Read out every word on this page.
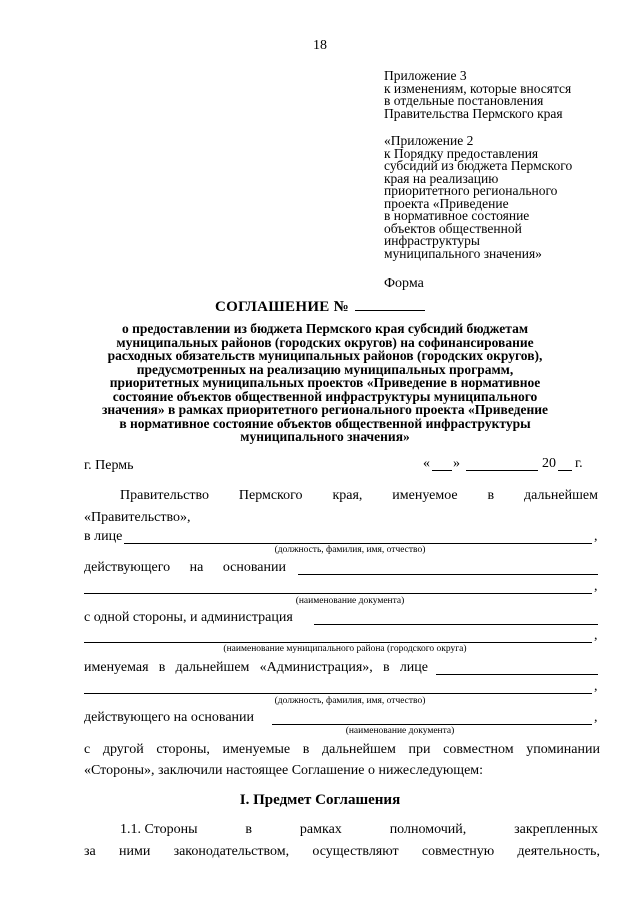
18
Приложение 3
к изменениям, которые вносятся
в отдельные постановления
Правительства Пермского края
«Приложение 2
к Порядку предоставления
субсидий из бюджета Пермского
края на реализацию
приоритетного регионального
проекта «Приведение
в нормативное состояние
объектов общественной
инфраструктуры
муниципального значения»
Форма
СОГЛАШЕНИЕ №
о предоставлении из бюджета Пермского края субсидий бюджетам
муниципальных районов (городских округов) на софинансирование
расходных обязательств муниципальных районов (городских округов),
предусмотренных на реализацию муниципальных программ,
приоритетных муниципальных проектов «Приведение в нормативное
состояние объектов общественной инфраструктуры муниципального
значения» в рамках приоритетного регионального проекта «Приведение
в нормативное состояние объектов общественной инфраструктуры
муниципального значения»
г. Пермь	« »	20 г.
Правительство Пермского края, именуемое в дальнейшем
«Правительство»,
в лице	,
(должность, фамилия, имя, отчество)
действующего на основании
,
(наименование документа)
с одной стороны, и администрация
,
(наименование муниципального района (городского округа)
именуемая в дальнейшем «Администрация», в лице
,
(должность, фамилия, имя, отчество)
действующего на основании	,
(наименование документа)
с другой стороны, именуемые в дальнейшем при совместном упоминании
«Стороны», заключили настоящее Соглашение о нижеследующем:
I. Предмет Соглашения
1.1. Стороны	в	рамках	полномочий,	закрепленных
за ними законодательством, осуществляют совместную деятельность,
